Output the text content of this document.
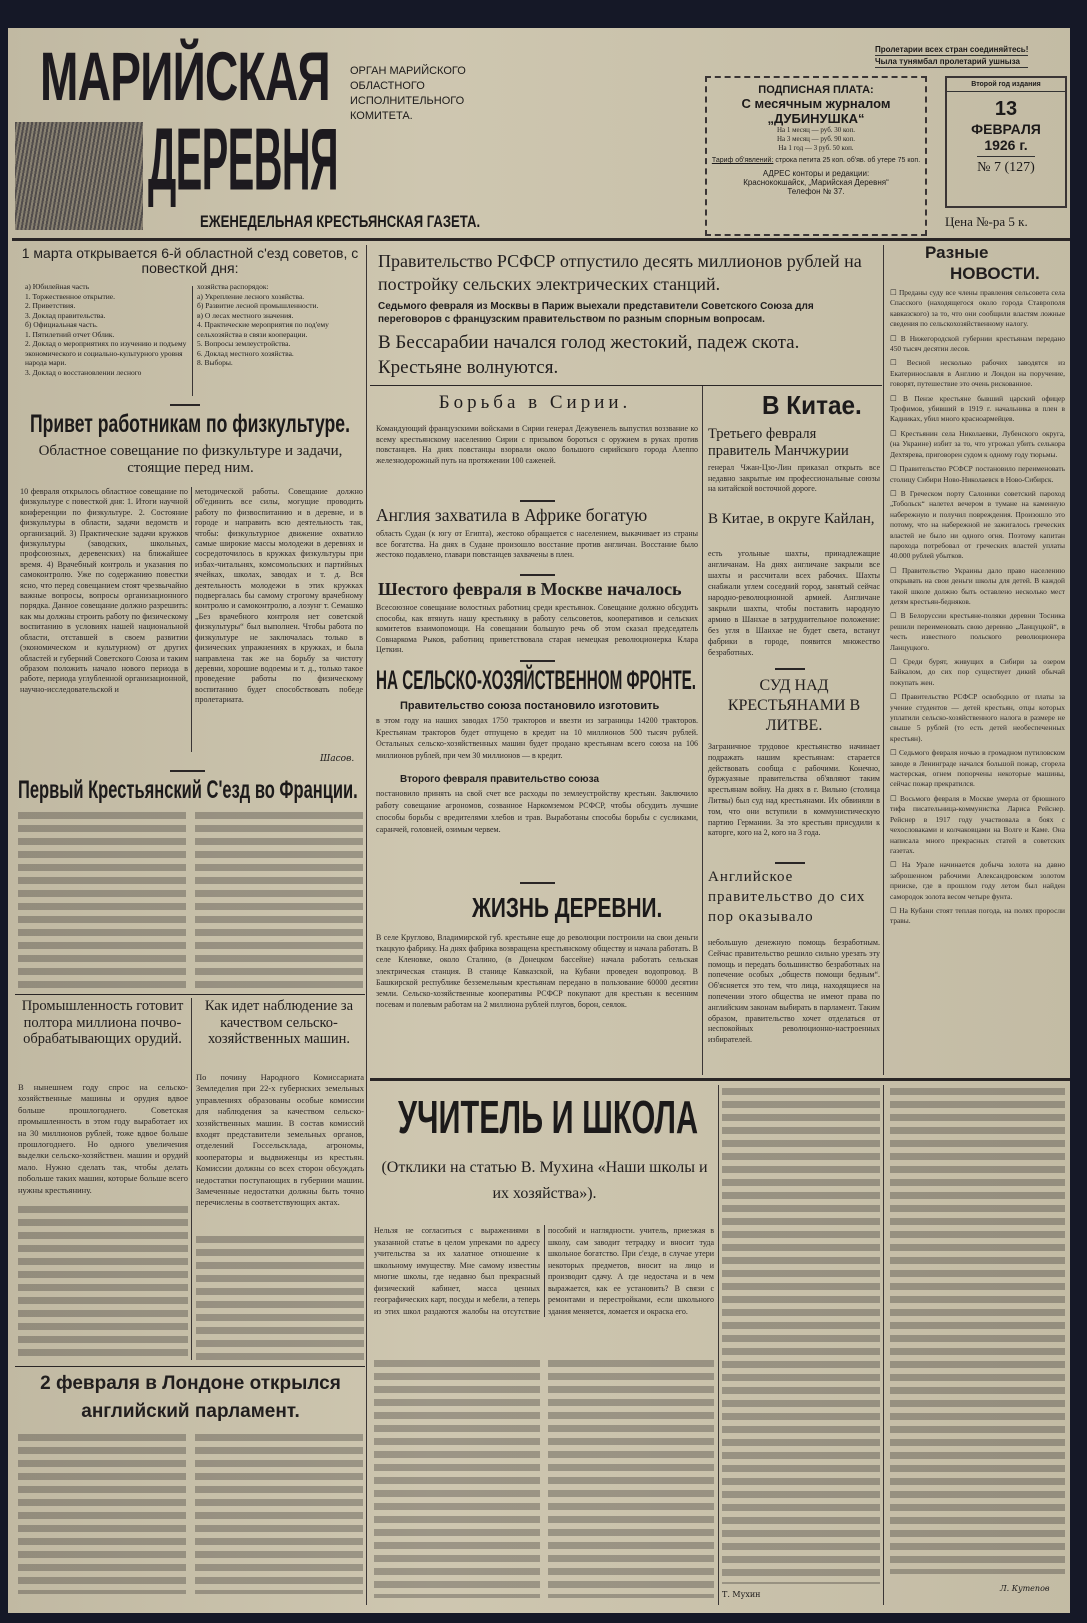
МАРИЙСКАЯ
ДЕРЕВНЯ
ОРГАН МАРИЙСКОГО ОБЛАСТНОГО ИСПОЛНИТЕЛЬНОГО КОМИТЕТА.
ЕЖЕНЕДЕЛЬНАЯ КРЕСТЬЯНСКАЯ ГАЗЕТА.
Пролетарии всех стран соединяйтесь!
Чыла тунямбал пролетарий ушныза
ПОДПИСНАЯ ПЛАТА:
С месячным журналом
„ДУБИНУШКА“
На 1 месяц — руб. 30 коп.
На 3 месяц — руб. 90 коп.
На 1 год — 3 руб. 50 коп.
Тариф об'явлений: строка петита 25 коп. об'яв. об утере 75 коп.
АДРЕС конторы и редакции:
Краснококшайск, „Марийская Деревня“
Телефон № 37.
Второй год издания
13
ФЕВРАЛЯ
1926 г.
№ 7 (127)
Цена №-ра 5 к.
1 марта открывается 6-й областной с'езд советов, с повесткой дня:
а) Юбилейная часть
1. Торжественное открытие.
2. Приветствия.
3. Доклад правительства.
б) Официальная часть.
1. Пятилетний отчет Облик.
2. Доклад о мероприятиях по изучению и подъему экономического и социально-культурного уровня народа мари.
3. Доклад о восстановлении лесного
хозяйства распорядок:
а) Укрепление лесного хозяйства.
б) Развитие лесной промышленности.
в) О лесах местного значения.
4. Практические мероприятия по под'ему сельхозяйства в связи кооперации.
5. Вопросы землеустройства.
6. Доклад местного хозяйства.
8. Выборы.
Привет работникам по физкультуре.
Областное совещание по физкультуре и задачи, стоящие перед ним.
10 февраля открылось областное совещание по физкультуре с повесткой дня: 1. Итоги научной конференции по физкультуре. 2. Состояние физкультуры в области, задачи ведомств и организаций. 3) Практические задачи кружков физкультуры (заводских, школьных, профсоюзных, деревенских) на ближайшее время. 4) Врачебный контроль и указания по самоконтролю. Уже по содержанию повестки ясно, что перед совещанием стоят чрезвычайно важные вопросы, вопросы организационного порядка. Данное совещание должно разрешить: как мы должны строить работу по физическому воспитанию в условиях нашей национальной области, отставшей в своем развитии (экономическом и культурном) от других областей и губерний Советского Союза и таким образом положить начало нового периода в работе, периода углубленной организационной, научно-исследовательской и
методической работы. Совещание должно об'единить все силы, могущие проводить работу по физвоспитанию и в деревне, и в городе и направить всю деятельность так, чтобы: физкультурное движение охватило самые широкие массы молодежи в деревнях и сосредоточилось в кружках физкультуры при избах-читальнях, комсомольских и партийных ячейках, школах, заводах и т. д. Вся деятельность молодежи в этих кружках подвергалась бы самому строгому врачебному контролю и самоконтролю, а лозунг т. Семашко „Без врачебного контроля нет советской физкультуры“ был выполнен. Чтобы работа по физкультуре не заключалась только в физических упражнениях в кружках, и была направлена так же на борьбу за чистоту деревни, хорошие водоемы и т. д., только такое проведение работы по физическому воспитанию будет способствовать победе пролетариата.
Шасов.
Первый Крестьянский С'езд во Франции.
Промышленность готовит полтора миллиона почво-обрабатывающих орудий.
В нынешнем году спрос на сельско-хозяйственные машины и орудия вдвое больше прошлогоднего. Советская промышленность в этом году выработает их на 30 миллионов рублей, тоже вдвое больше прошлогоднего. Но одного увеличения выделки сельско-хозяйствен. машин и орудий мало. Нужно сделать так, чтобы делать побольше таких машин, которые больше всего нужны крестьянину.
Как идет наблюдение за качеством сельско-хозяйственных машин.
По почину Народного Комиссариата Земледелия при 22-х губернских земельных управлениях образованы особые комиссии для наблюдения за качеством сельско-хозяйственных машин. В состав комиссий входят представители земельных органов, отделений Госсельсклада, агрономы, кооператоры и выдвиженцы из крестьян. Комиссии должны со всех сторон обсуждать недостатки поступающих в губернии машин. Замеченные недостатки должны быть точно перечислены в соответствующих актах.
2 февраля в Лондоне открылся английский парламент.
Правительство РСФСР отпустило десять миллионов рублей на постройку сельских электрических станций.
Седьмого февраля из Москвы в Париж выехали представители Советского Союза для переговоров с французским правительством по разным спорным вопросам.
В Бессарабии начался голод жестокий, падеж скота. Крестьяне волнуются.
Борьба в Сирии.
Командующий французскими войсками в Сирии генерал Дежувенель выпустил воззвание ко всему крестьянскому населению Сирии с призывом бороться с оружием в руках против повстанцев. На днях повстанцы взорвали около большого сирийского города Алеппо железнодорожный путь на протяжении 100 саженей.
Англия захватила в Африке богатую
область Судан (к югу от Египта), жестоко обращается с населением, выкачивает из страны все богатства. На днях в Судане произошло восстание против англичан. Восстание было жестоко подавлено, главари повстанцев захвачены в плен.
Шестого февраля в Москве началось
Всесоюзное совещание волостных работниц среди крестьянок. Совещание должно обсудить способы, как втянуть нашу крестьянку в работу сельсоветов, кооперативов и сельских комитетов взаимопомощи. На совещании большую речь об этом сказал председатель Совнаркома Рыков, работниц приветствовала старая немецкая революционерка Клара Цеткин.
НА СЕЛЬСКО-ХОЗЯЙСТВЕННОМ ФРОНТЕ.
Правительство союза постановило изготовить
в этом году на наших заводах 1750 тракторов и ввезти из заграницы 14200 тракторов. Крестьянам тракторов будет отпущено в кредит на 10 миллионов 500 тысяч рублей. Остальных сельско-хозяйственных машин будет продано крестьянам всего союза на 106 миллионов рублей, при чем 30 миллионов — в кредит.
Второго февраля правительство союза
постановило принять на свой счет все расходы по землеустройству крестьян. Заключило работу совещание агрономов, созванное Наркомземом РСФСР, чтобы обсудить лучшие способы борьбы с вредителями хлебов и трав. Выработаны способы борьбы с сусликами, саранчей, головней, озимым червем.
ЖИЗНЬ ДЕРЕВНИ.
В селе Круглово, Владимирской губ. крестьяне еще до революции построили на свои деньги ткацкую фабрику. На днях фабрика возвращена крестьянскому обществу и начала работать. В селе Кленовке, около Сталино, (в Донецком бассейне) начала работать сельская электрическая станция. В станице Кавказской, на Кубани проведен водопровод. В Башкирской республике безземельным крестьянам передано в пользование 60000 десятин земли. Сельско-хозяйственные кооперативы РСФСР покупают для крестьян к весенним посевам и полевым работам на 2 миллиона рублей плугов, борон, сеялок.
В Китае.
Третьего февраля правитель Манчжурии
генерал Чжан-Цзо-Лин приказал открыть все недавно закрытые им профессиональные союзы на китайской восточной дороге.
В Китае, в округе Кайлан,
есть угольные шахты, принадлежащие англичанам. На днях англичане закрыли все шахты и рассчитали всех рабочих. Шахты снабжали углем соседний город, занятый сейчас народно-революционной армией. Англичане закрыли шахты, чтобы поставить народную армию в Шанхае в затруднительное положение: без угля в Шанхае не будет света, встанут фабрики в городе, появится множество безработных.
СУД НАД КРЕСТЬЯНАМИ В ЛИТВЕ.
Заграничное трудовое крестьянство начинает подражать нашим крестьянам: старается действовать сообща с рабочими. Конечно, буржуазные правительства об'являют таким крестьянам войну. На днях в г. Вильно (столица Литвы) был суд над крестьянами. Их обвиняли в том, что они вступили в коммунистическую партию Германии. За это крестьян присудили к каторге, кого на 2, кого на 3 года.
Английское правительство до сих пор оказывало
небольшую денежную помощь безработным. Сейчас правительство решило сильно урезать эту помощь и передать большинство безработных на попечение особых „обществ помощи бедным“. Об'ясняется это тем, что лица, находящиеся на попечении этого общества не имеют права по английским законам выбирать в парламент. Таким образом, правительство хочет отделаться от неспокойных революционно-настроенных избирателей.
УЧИТЕЛЬ И ШКОЛА
(Отклики на статью В. Мухина «Наши школы и их хозяйства»).
Нельзя не согласиться с выражениями в указанной статье в целом упреками по адресу учительства за их халатное отношение к школьному имуществу. Мне самому известны многие школы, где недавно был прекрасный физический кабинет, масса ценных географических карт, посуды и мебели, а теперь из этих школ раздаются жалобы на отсутствие пособий и наглядности. учитель, приезжая в школу, сам заводит тетрадку и вносит туда школьное богатство. При с'езде, в случае утери некоторых предметов, вносит на лицо и производит сдачу. А где недостача и в чем выражается, как ее установить? В связи с ремонтами и перестройками, если школьного здания меняется, ломается и окраска его.
Т. Мухин
Разные
НОВОСТИ.

☐ Преданы суду все члены правления сельсовета села Спасского (находящегося около города Ставрополя кавказского) за то, что они сообщили властям ложные сведения по сельскохозяйственному налогу.

☐ В Нижегородской губернии крестьянам передано 450 тысяч десятин лесов.

☐ Весной несколько рабочих заводятся из Екатеринославля в Англию и Лондон на поручение, говорят, путешествие это очень рискованное.

☐ В Пензе крестьяне бывший царский офицер Трофимов, убивший в 1919 г. начальника в плен в Кадниках, убил много красноармейцев.

☐ Крестьянин села Николаевки, Лубенского округа, (на Украине) избит за то, что угрожал убить селькора Дехтярева, приговорен судом к одному году тюрьмы.

☐ Правительство РСФСР постановило переименовать столицу Сибири Ново-Николаевск в Ново-Сибирск.

☐ В Греческом порту Салоники советский пароход „Тобольск“ налетел вечером в тумане на каменную набережную и получил повреждения. Произошло это потому, что на набережной не зажигалось греческих властей не было ни одного огня. Поэтому капитан парохода потребовал от греческих властей уплаты 40.000 рублей убытков.

☐ Правительство Украины дало право населению открывать на свои деньги школы для детей. В каждой такой школе должно быть оставлено несколько мест детям крестьян-бедняков.

☐ В Белоруссии крестьяне-поляки деревни Тосника решили переименовать свою деревню „Ланцуцкой“, в честь известного польского революционера Ланцуцкого.

☐ Среди бурят, живущих в Сибири за озером Байкалом, до сих пор существует дикий обычай покупать жен.

☐ Правительство РСФСР освободило от платы за учение студентов — детей крестьян, отцы которых уплатили сельско-хозяйственного налога в размере не свыше 5 рублей (то есть детей необеспеченных крестьян).

☐ Седьмого февраля ночью в громадном путиловском заводе в Ленинграде начался большой пожар, сгорела мастерская, огнем попорчены некоторые машины, сейчас пожар прекратился.

☐ Восьмого февраля в Москве умерла от брюшного тифа писательница-коммунистка Лариса Рейснер. Рейснер в 1917 году участвовала в боях с чехословаками и колчаковцами на Волге и Каме. Она написала много прекрасных статей в советских газетах.

☐ На Урале начинается добыча золота на давно заброшенном рабочими Александровском золотом прииске, где в прошлом году летом был найден самородок золота весом четыре фунта.

☐ На Кубани стоят теплая погода, на полях проросли травы.

Л. Кутепов
